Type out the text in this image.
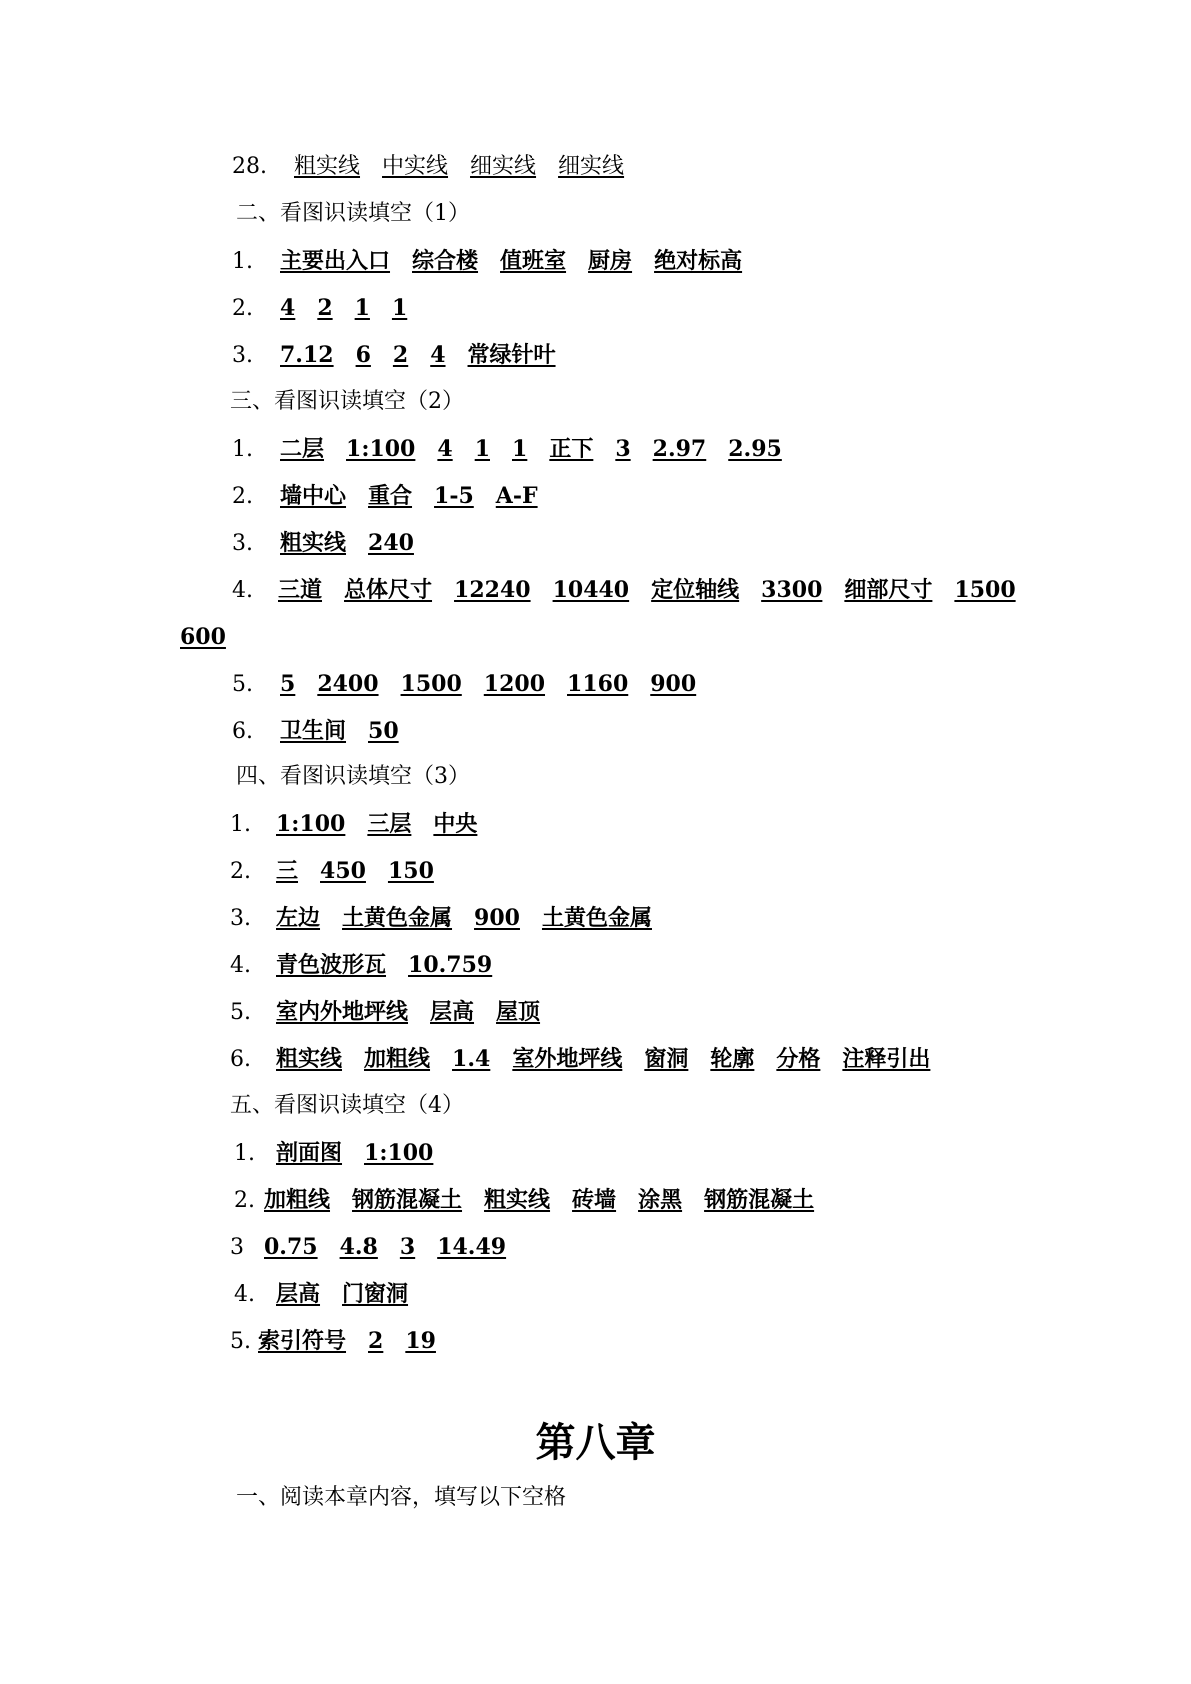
28. 粗实线 中实线 细实线 细实线
二、看图识读填空（1）
1. 主要出入口 综合楼 值班室 厨房 绝对标高
2. 4 2 1 1
3. 7.12 6 2 4 常绿针叶
三、看图识读填空（2）
1. 二层 1:100 4 1 1 正下 3 2.97 2.95
2. 墙中心 重合 1-5 A-F
3. 粗实线 240
4. 三道 总体尺寸 12240 10440 定位轴线 3300 细部尺寸 1500
600
5. 5 2400 1500 1200 1160 900
6. 卫生间 50
四、看图识读填空（3）
1. 1:100 三层 中央
2. 三 450 150
3. 左边 土黄色金属 900 土黄色金属
4. 青色波形瓦 10.759
5. 室内外地坪线 层高 屋顶
6. 粗实线 加粗线 1.4 室外地坪线 窗洞 轮廓 分格 注释引出
五、看图识读填空（4）
1. 剖面图 1:100
2. 加粗线 钢筋混凝土 粗实线 砖墙 涂黑 钢筋混凝土
3 0.75 4.8 3 14.49
4. 层高 门窗洞
5. 索引符号 2 19
第八章
一、阅读本章内容，填写以下空格
